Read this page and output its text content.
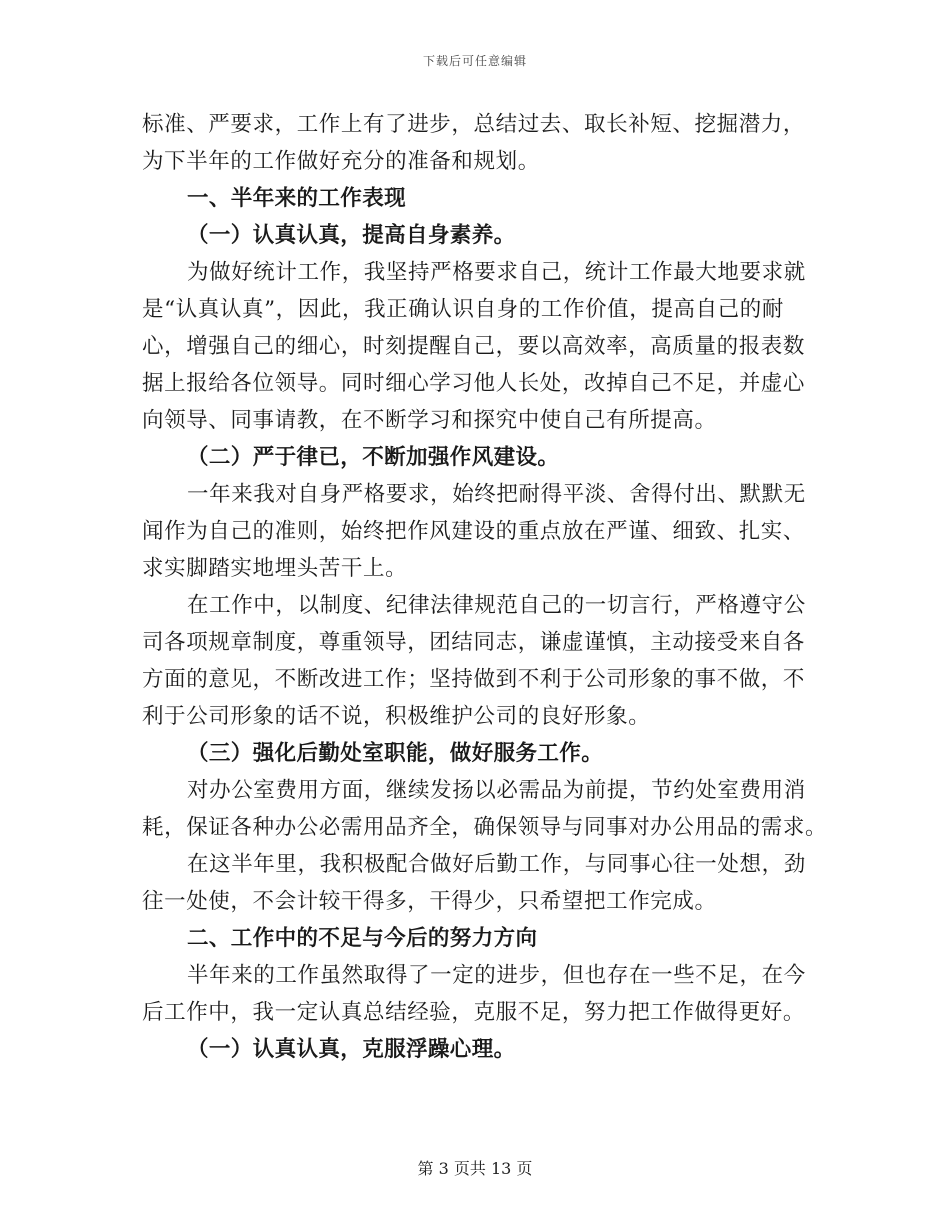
下载后可任意编辑
标准、严要求，工作上有了进步，总结过去、取长补短、挖掘潜力，
为下半年的工作做好充分的准备和规划。
一、半年来的工作表现
（一）认真认真，提高自身素养。
为做好统计工作，我坚持严格要求自己，统计工作最大地要求就
是“认真认真”，因此，我正确认识自身的工作价值，提高自己的耐
心，增强自己的细心，时刻提醒自己，要以高效率，高质量的报表数
据上报给各位领导。同时细心学习他人长处，改掉自己不足，并虚心
向领导、同事请教，在不断学习和探究中使自己有所提高。
（二）严于律已，不断加强作风建设。
一年来我对自身严格要求，始终把耐得平淡、舍得付出、默默无
闻作为自己的准则，始终把作风建设的重点放在严谨、细致、扎实、
求实脚踏实地埋头苦干上。
在工作中，以制度、纪律法律规范自己的一切言行，严格遵守公
司各项规章制度，尊重领导，团结同志，谦虚谨慎，主动接受来自各
方面的意见，不断改进工作；坚持做到不利于公司形象的事不做，不
利于公司形象的话不说，积极维护公司的良好形象。
（三）强化后勤处室职能，做好服务工作。
对办公室费用方面，继续发扬以必需品为前提，节约处室费用消
耗，保证各种办公必需用品齐全，确保领导与同事对办公用品的需求。
在这半年里，我积极配合做好后勤工作，与同事心往一处想，劲
往一处使，不会计较干得多，干得少，只希望把工作完成。
二、工作中的不足与今后的努力方向
半年来的工作虽然取得了一定的进步，但也存在一些不足，在今
后工作中，我一定认真总结经验，克服不足，努力把工作做得更好。
（一）认真认真，克服浮躁心理。
第 3 页共 13 页
